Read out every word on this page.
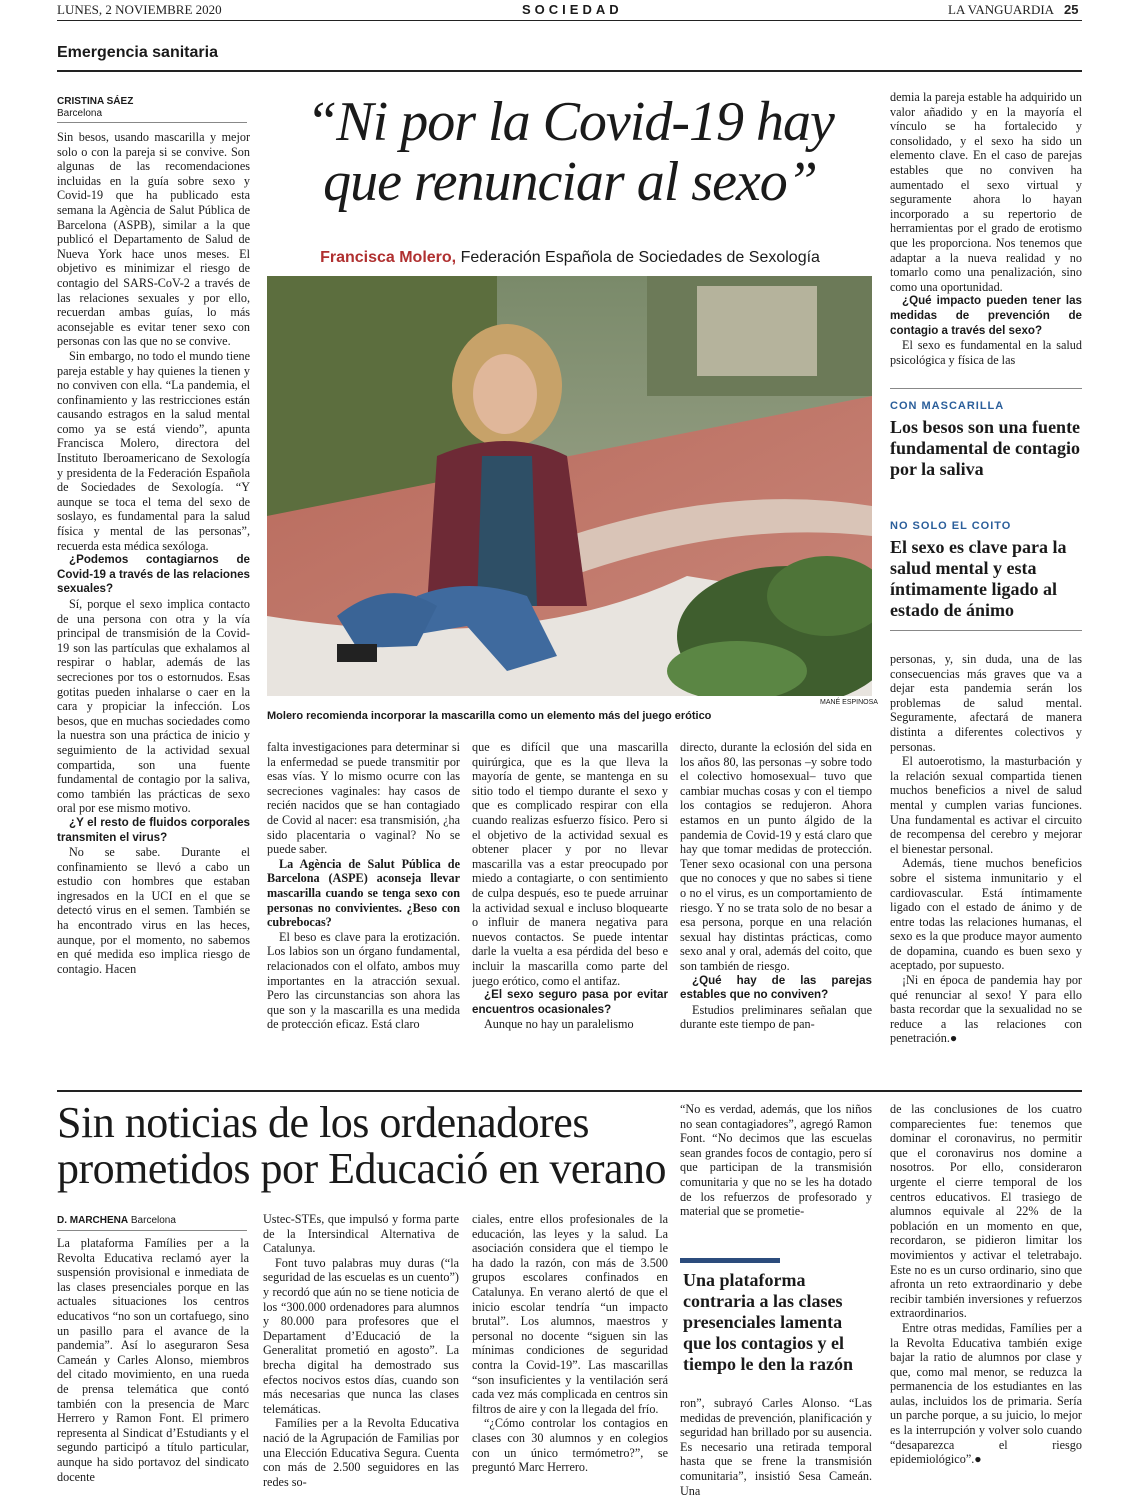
LUNES, 2 NOVIEMBRE 2020	SOCIEDAD	LA VANGUARDIA 25
Emergencia sanitaria
CRISTINA SÁEZ
Barcelona

Sin besos, usando mascarilla y mejor solo o con la pareja si se convive. Son algunas de las recomendaciones incluidas en la guía sobre sexo y Covid-19 que ha publicado esta semana la Agència de Salut Pública de Barcelona (ASPB), similar a la que publicó el Departamento de Salud de Nueva York hace unos meses. El objetivo es minimizar el riesgo de contagio del SARS-CoV-2 a través de las relaciones sexuales y por ello, recuerdan ambas guías, lo más aconsejable es evitar tener sexo con personas con las que no se convive.

Sin embargo, no todo el mundo tiene pareja estable y hay quienes la tienen y no conviven con ella. “La pandemia, el confinamiento y las restricciones están causando estragos en la salud mental como ya se está viendo”, apunta Francisca Molero, directora del Instituto Iberoamericano de Sexología y presidenta de la Federación Española de Sociedades de Sexología. “Y aunque se toca el tema del sexo de soslayo, es fundamental para la salud física y mental de las personas”, recuerda esta médica sexóloga.

¿Podemos contagiarnos de Covid-19 a través de las relaciones sexuales?

Sí, porque el sexo implica contacto de una persona con otra y la vía principal de transmisión de la Covid-19 son las partículas que exhalamos al respirar o hablar, además de las secreciones por tos o estornudos. Esas gotitas pueden inhalarse o caer en la cara y propiciar la infección. Los besos, que en muchas sociedades como la nuestra son una práctica de inicio y seguimiento de la actividad sexual compartida, son una fuente fundamental de contagio por la saliva, como también las prácticas de sexo oral por ese mismo motivo.

¿Y el resto de fluidos corporales transmiten el virus?

No se sabe. Durante el confinamiento se llevó a cabo un estudio con hombres que estaban ingresados en la UCI en el que se detectó virus en el semen. También se ha encontrado virus en las heces, aunque, por el momento, no sabemos en qué medida eso implica riesgo de contagio. Hacen

“Ni por la Covid-19 hay que renunciar al sexo”
Francisca Molero, Federación Española de Sociedades de Sexología
MANÉ ESPINOSA
Molero recomienda incorporar la mascarilla como un elemento más del juego erótico

falta investigaciones para determinar si la enfermedad se puede transmitir por esas vías. Y lo mismo ocurre con las secreciones vaginales: hay casos de recién nacidos que se han contagiado de Covid al nacer: esa transmisión, ¿ha sido placentaria o vaginal? No se puede saber.

La Agència de Salut Pública de Barcelona (ASPE) aconseja llevar mascarilla cuando se tenga sexo con personas no convivientes. ¿Beso con cubrebocas?

El beso es clave para la erotización. Los labios son un órgano fundamental, relacionados con el olfato, ambos muy importantes en la atracción sexual. Pero las circunstancias son ahora las que son y la mascarilla es una medida de protección eficaz. Está claro

que es difícil que una mascarilla quirúrgica, que es la que lleva la mayoría de gente, se mantenga en su sitio todo el tiempo durante el sexo y que es complicado respirar con ella cuando realizas esfuerzo físico. Pero si el objetivo de la actividad sexual es obtener placer y por no llevar mascarilla vas a estar preocupado por miedo a contagiarte, o con sentimiento de culpa después, eso te puede arruinar la actividad sexual e incluso bloquearte o influir de manera negativa para nuevos contactos. Se puede intentar darle la vuelta a esa pérdida del beso e incluir la mascarilla como parte del juego erótico, como el antifaz.

¿El sexo seguro pasa por evitar encuentros ocasionales?

Aunque no hay un paralelismo

directo, durante la eclosión del sida en los años 80, las personas –y sobre todo el colectivo homosexual– tuvo que cambiar muchas cosas y con el tiempo los contagios se redujeron. Ahora estamos en un punto álgido de la pandemia de Covid-19 y está claro que hay que tomar medidas de protección. Tener sexo ocasional con una persona que no conoces y que no sabes si tiene o no el virus, es un comportamiento de riesgo. Y no se trata solo de no besar a esa persona, porque en una relación sexual hay distintas prácticas, como sexo anal y oral, además del coito, que son también de riesgo.

¿Qué hay de las parejas estables que no conviven?

Estudios preliminares señalan que durante este tiempo de pan-

demia la pareja estable ha adquirido un valor añadido y en la mayoría el vínculo se ha fortalecido y consolidado, y el sexo ha sido un elemento clave. En el caso de parejas estables que no conviven ha aumentado el sexo virtual y seguramente ahora lo hayan incorporado a su repertorio de herramientas por el grado de erotismo que les proporciona. Nos tenemos que adaptar a la nueva realidad y no tomarlo como una penalización, sino como una oportunidad.

¿Qué impacto pueden tener las medidas de prevención de contagio a través del sexo?

El sexo es fundamental en la salud psicológica y física de las

CON MASCARILLA
Los besos son una fuente fundamental de contagio por la saliva
NO SOLO EL COITO
El sexo es clave para la salud mental y esta íntimamente ligado al estado de ánimo

personas, y, sin duda, una de las consecuencias más graves que va a dejar esta pandemia serán los problemas de salud mental. Seguramente, afectará de manera distinta a diferentes colectivos y personas.

El autoerotismo, la masturbación y la relación sexual compartida tienen muchos beneficios a nivel de salud mental y cumplen varias funciones. Una fundamental es activar el circuito de recompensa del cerebro y mejorar el bienestar personal.

Además, tiene muchos beneficios sobre el sistema inmunitario y el cardiovascular. Está íntimamente ligado con el estado de ánimo y de entre todas las relaciones humanas, el sexo es la que produce mayor aumento de dopamina, cuando es buen sexo y aceptado, por supuesto.

¡Ni en época de pandemia hay por qué renunciar al sexo! Y para ello basta recordar que la sexualidad no se reduce a las relaciones con penetración.●

Sin noticias de los ordenadores prometidos por Educació en verano
D. MARCHENA Barcelona

La plataforma Famílies per a la Revolta Educativa reclamó ayer la suspensión provisional e inmediata de las clases presenciales porque en las actuales situaciones los centros educativos “no son un cortafuego, sino un pasillo para el avance de la pandemia”. Así lo aseguraron Sesa Cameán y Carles Alonso, miembros del citado movimiento, en una rueda de prensa telemática que contó también con la presencia de Marc Herrero y Ramon Font. El primero representa al Sindicat d’Estudiants y el segundo participó a título particular, aunque ha sido portavoz del sindicato docente

Ustec-STEs, que impulsó y forma parte de la Intersindical Alternativa de Catalunya.

Font tuvo palabras muy duras (“la seguridad de las escuelas es un cuento”) y recordó que aún no se tiene noticia de los “300.000 ordenadores para alumnos y 80.000 para profesores que el Departament d’Educació de la Generalitat prometió en agosto”. La brecha digital ha demostrado sus efectos nocivos estos días, cuando son más necesarias que nunca las clases telemáticas.

Famílies per a la Revolta Educativa nació de la Agrupación de Familias por una Elección Educativa Segura. Cuenta con más de 2.500 seguidores en las redes so-

ciales, entre ellos profesionales de la educación, las leyes y la salud. La asociación considera que el tiempo le ha dado la razón, con más de 3.500 grupos escolares confinados en Catalunya. En verano alertó de que el inicio escolar tendría “un impacto brutal”. Los alumnos, maestros y personal no docente “siguen sin las mínimas condiciones de seguridad contra la Covid-19”. Las mascarillas “son insuficientes y la ventilación será cada vez más complicada en centros sin filtros de aire y con la llegada del frío.

“¿Cómo controlar los contagios en clases con 30 alumnos y en colegios con un único termómetro?”, se preguntó Marc Herrero.

“No es verdad, además, que los niños no sean contagiadores”, agregó Ramon Font. “No decimos que las escuelas sean grandes focos de contagio, pero sí que participan de la transmisión comunitaria y que no se les ha dotado de los refuerzos de profesorado y material que se prometie-

Una plataforma contraria a las clases presenciales lamenta que los contagios y el tiempo le den la razón

ron”, subrayó Carles Alonso. “Las medidas de prevención, planificación y seguridad han brillado por su ausencia. Es necesario una retirada temporal hasta que se frene la transmisión comunitaria”, insistió Sesa Cameán. Una

de las conclusiones de los cuatro comparecientes fue: tenemos que dominar el coronavirus, no permitir que el coronavirus nos domine a nosotros. Por ello, consideraron urgente el cierre temporal de los centros educativos. El trasiego de alumnos equivale al 22% de la población en un momento en que, recordaron, se pidieron limitar los movimientos y activar el teletrabajo. Este no es un curso ordinario, sino que afronta un reto extraordinario y debe recibir también inversiones y refuerzos extraordinarios.

Entre otras medidas, Famílies per a la Revolta Educativa también exige bajar la ratio de alumnos por clase y que, como mal menor, se reduzca la permanencia de los estudiantes en las aulas, incluidos los de primaria. Sería un parche porque, a su juicio, lo mejor es la interrupción y volver solo cuando “desaparezca el riesgo epidemiológico”.●
